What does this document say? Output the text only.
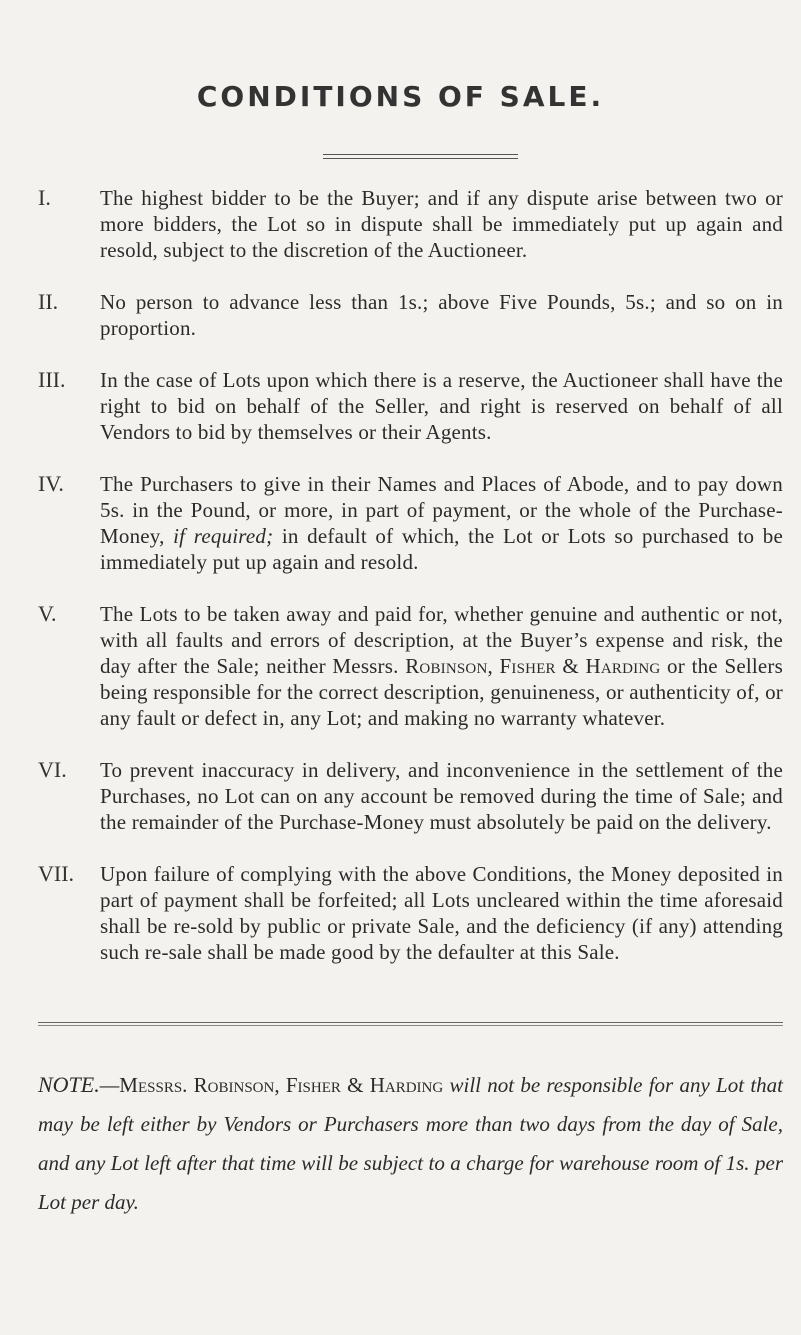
CONDITIONS OF SALE.
I.	The highest bidder to be the Buyer; and if any dispute arise between two or more bidders, the Lot so in dispute shall be immediately put up again and resold, subject to the discretion of the Auctioneer.
II.	No person to advance less than 1s.; above Five Pounds, 5s.; and so on in proportion.
III.	In the case of Lots upon which there is a reserve, the Auctioneer shall have the right to bid on behalf of the Seller, and right is reserved on behalf of all Vendors to bid by themselves or their Agents.
IV.	The Purchasers to give in their Names and Places of Abode, and to pay down 5s. in the Pound, or more, in part of payment, or the whole of the Purchase-Money, if required; in default of which, the Lot or Lots so purchased to be immediately put up again and resold.
V.	The Lots to be taken away and paid for, whether genuine and authentic or not, with all faults and errors of description, at the Buyer’s expense and risk, the day after the Sale; neither Messrs. Robinson, Fisher & Harding or the Sellers being responsible for the correct description, genuineness, or authenticity of, or any fault or defect in, any Lot; and making no warranty whatever.
VI.	To prevent inaccuracy in delivery, and inconvenience in the settlement of the Purchases, no Lot can on any account be removed during the time of Sale; and the remainder of the Purchase-Money must absolutely be paid on the delivery.
VII.	Upon failure of complying with the above Conditions, the Money deposited in part of payment shall be forfeited; all Lots uncleared within the time aforesaid shall be re-sold by public or private Sale, and the deficiency (if any) attending such re-sale shall be made good by the defaulter at this Sale.
NOTE.—Messrs. Robinson, Fisher & Harding will not be responsible for any Lot that may be left either by Vendors or Purchasers more than two days from the day of Sale, and any Lot left after that time will be subject to a charge for warehouse room of 1s. per Lot per day.
